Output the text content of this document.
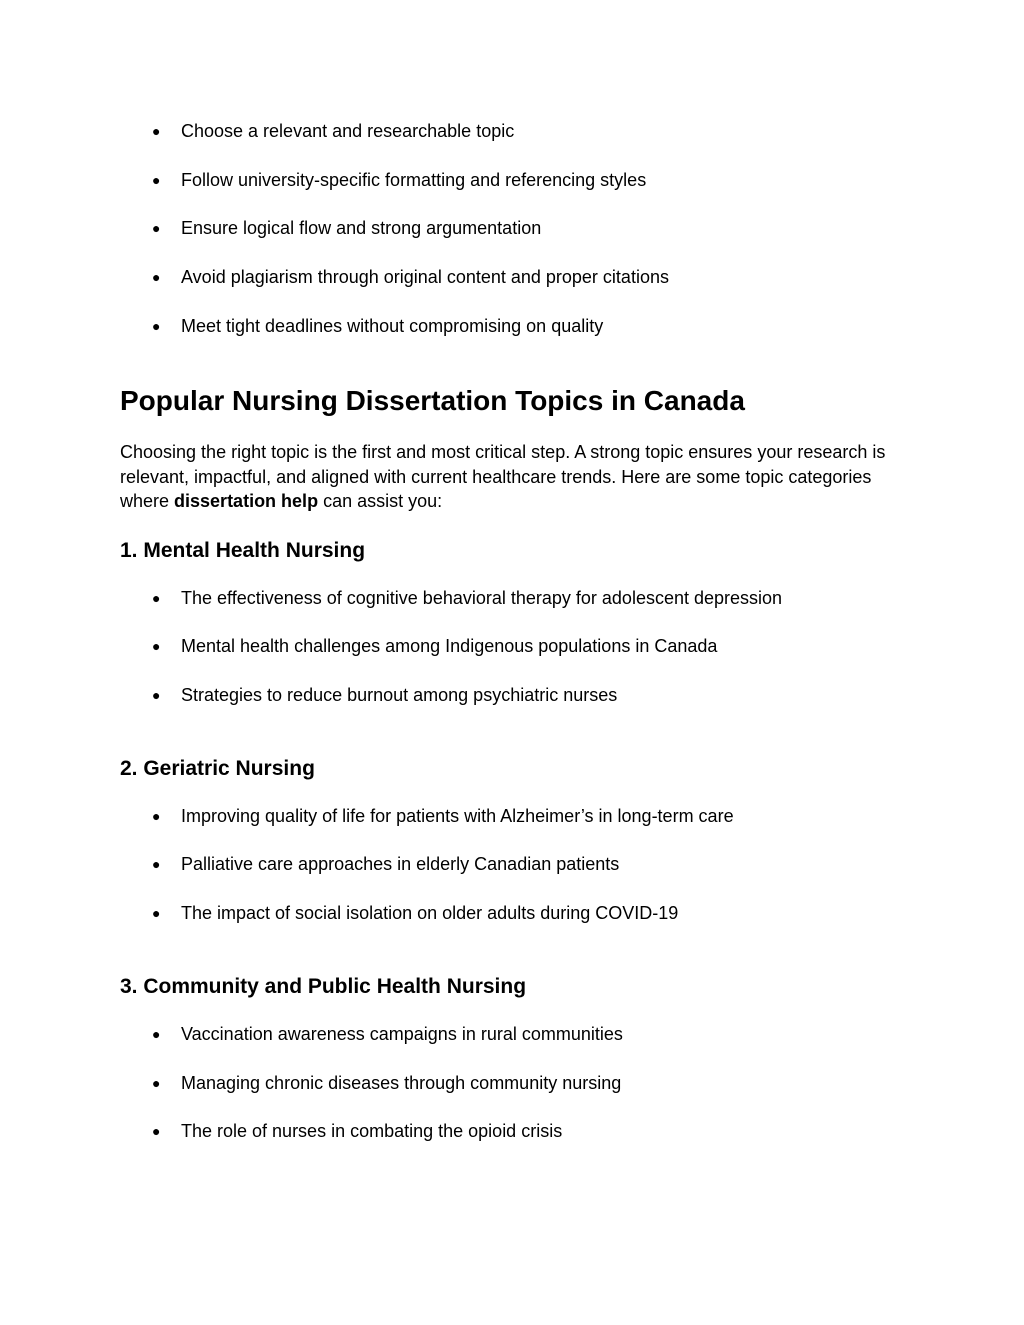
●	Choose a relevant and researchable topic
●	Follow university-specific formatting and referencing styles
●	Ensure logical flow and strong argumentation
●	Avoid plagiarism through original content and proper citations
●	Meet tight deadlines without compromising on quality
Popular Nursing Dissertation Topics in Canada

Choosing the right topic is the first and most critical step. A strong topic ensures your research is relevant, impactful, and aligned with current healthcare trends. Here are some topic categories where dissertation help can assist you:

1. Mental Health Nursing
●	The effectiveness of cognitive behavioral therapy for adolescent depression
●	Mental health challenges among Indigenous populations in Canada
●	Strategies to reduce burnout among psychiatric nurses
2. Geriatric Nursing
●	Improving quality of life for patients with Alzheimer’s in long-term care
●	Palliative care approaches in elderly Canadian patients
●	The impact of social isolation on older adults during COVID-19
3. Community and Public Health Nursing
●	Vaccination awareness campaigns in rural communities
●	Managing chronic diseases through community nursing
●	The role of nurses in combating the opioid crisis
